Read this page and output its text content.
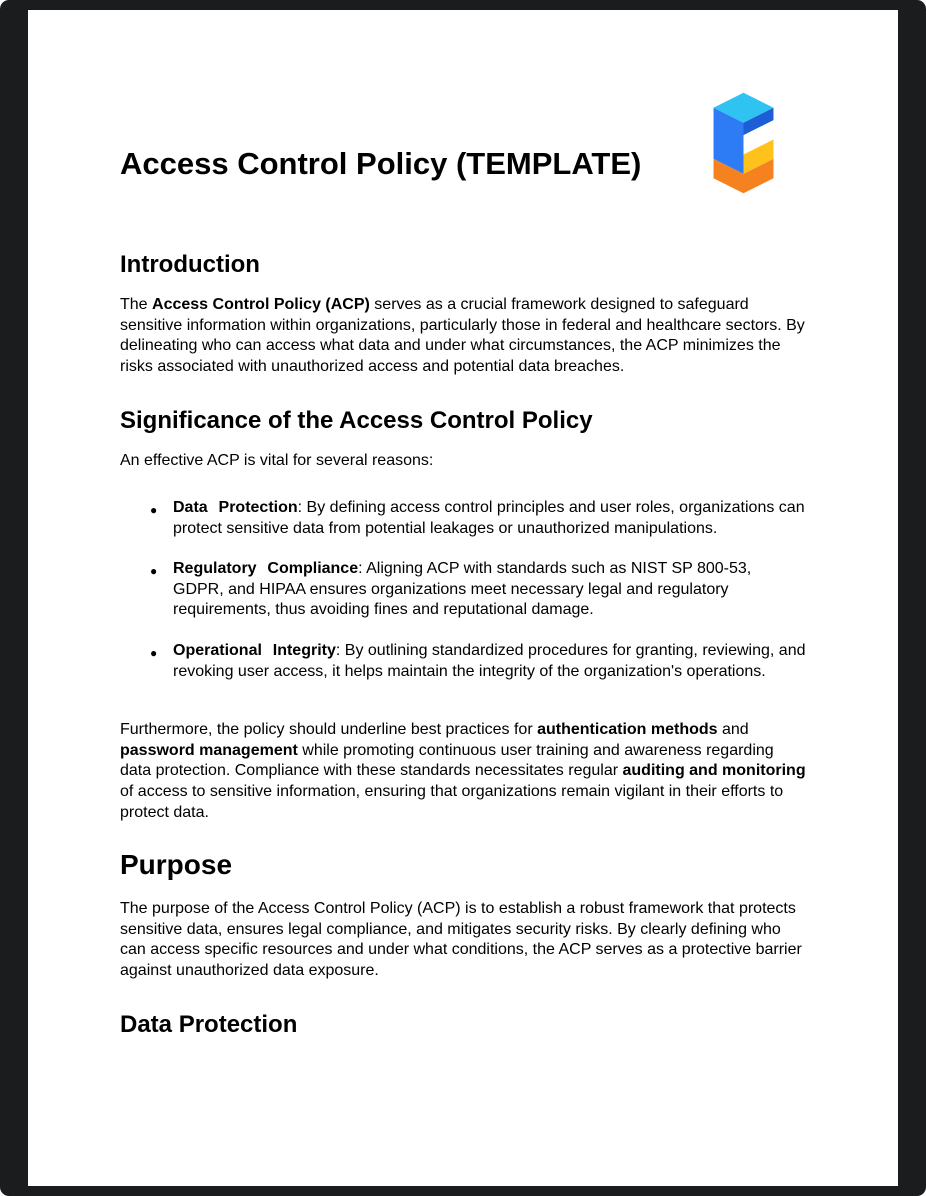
Access Control Policy (TEMPLATE)
Introduction

The Access Control Policy (ACP) serves as a crucial framework designed to safeguard sensitive information within organizations, particularly those in federal and healthcare sectors. By delineating who can access what data and under what circumstances, the ACP minimizes the risks associated with unauthorized access and potential data breaches.

Significance of the Access Control Policy

An effective ACP is vital for several reasons:

● Data Protection: By defining access control principles and user roles, organizations can protect sensitive data from potential leakages or unauthorized manipulations.
● Regulatory Compliance: Aligning ACP with standards such as NIST SP 800-53, GDPR, and HIPAA ensures organizations meet necessary legal and regulatory requirements, thus avoiding fines and reputational damage.
● Operational Integrity: By outlining standardized procedures for granting, reviewing, and revoking user access, it helps maintain the integrity of the organization's operations.

Furthermore, the policy should underline best practices for authentication methods and password management while promoting continuous user training and awareness regarding data protection. Compliance with these standards necessitates regular auditing and monitoring of access to sensitive information, ensuring that organizations remain vigilant in their efforts to protect data.

Purpose

The purpose of the Access Control Policy (ACP) is to establish a robust framework that protects sensitive data, ensures legal compliance, and mitigates security risks. By clearly defining who can access specific resources and under what conditions, the ACP serves as a protective barrier against unauthorized data exposure.

Data Protection
